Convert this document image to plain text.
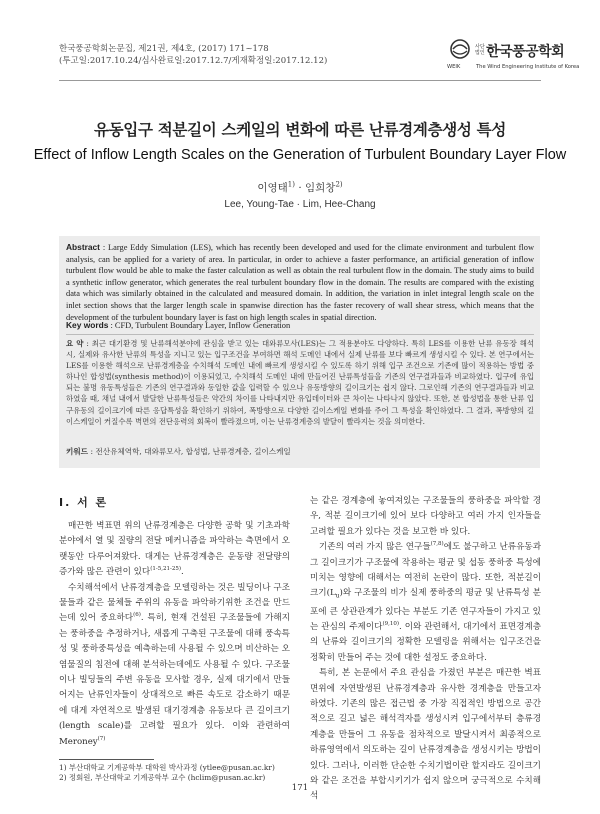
한국풍공학회논문집, 제21권, 제4호, (2017) 171~178
(투고일:2017.10.24/심사완료일:2017.12.7/게재확정일:2017.12.12)
WEIK
사단 법인 한국풍공학회
The Wind Engineering Institute of Korea
유동입구 적분길이 스케일의 변화에 따른 난류경계층생성 특성
Effect of Inflow Length Scales on the Generation of Turbulent Boundary Layer Flow
이영태$^{1)}$ · 임희창$^{2)}$
Lee, Young-Tae · Lim, Hee-Chang
Abstract : Large Eddy Simulation (LES), which has recently been developed and used for the climate environment and turbulent flow analysis, can be applied for a variety of area. In particular, in order to achieve a faster performance, an artificial generation of inflow turbulent flow would be able to make the faster calculation as well as obtain the real turbulent flow in the domain. The study aims to build a synthetic inflow generator, which generates the real turbulent boundary flow in the domain. The results are compared with the existing data which was similarly obtained in the calculated and measured domain. In addition, the variation in inlet integral length scale on the inlet section shows that the larger length scale in spanwise direction has the faster recovery of wall shear stress, which means that the development of the turbulent boundary layer is fast on high length scales in spatial direction.
Key words : CFD, Turbulent Boundary Layer, Inflow Generation
요 약 : 최근 대기환경 및 난류해석분야에 관심을 받고 있는 대와류모사(LES)는 그 적용분야도 다양하다. 특히 LES를 이용한 난류 유동장 해석 시, 실제와 유사한 난류의 특성을 지니고 있는 입구조건을 부여하면 해석 도메인 내에서 실제 난류를 보다 빠르게 생성시킬 수 있다. 본 연구에서는 LES를 이용한 해석으로 난류경계층을 수치해석 도메인 내에 빠르게 생성시킬 수 있도록 하기 위해 입구 조건으로 기존에 많이 적용하는 방법 중 하나인 합성법(synthesis method)이 이용되었고, 수치해석 도메인 내에 만들어진 난류특성들을 기존의 연구결과들과 비교하였다. 입구에 유입되는 불명 유동특성들은 기존의 연구결과와 동일한 값을 입력할 수 있으나 유동방향의 길이크기는 쉽지 않다. 그로인해 기존의 연구결과들과 비교하였을 때, 채널 내에서 발달한 난류특성들은 약간의 차이를 나타내지만 유입데이터와 큰 차이는 나타나지 않았다. 또한, 본 합성법을 통한 난류 입구유동의 길이크기에 따른 응답특성을 확인하기 위하여, 폭방향으로 다양한 길이스케일 변화를 주어 그 특성을 확인하였다. 그 결과, 폭방향의 길이스케일이 커질수록 벽면의 전단응력의 회복이 빨라졌으며, 이는 난류경계층의 발달이 빨라지는 것을 의미한다.
키워드 : 전산유체역학, 대와류모사, 합성법, 난류경계층, 길이스케일
I. 서 론

매끈한 벽표면 위의 난류경계층은 다양한 공학 및 기초과학 분야에서 열 및 질량의 전달 메커니즘을 파악하는 측면에서 오랫동안 다루어져왔다. 대게는 난류경계층은 운동량 전달량의 증가와 많은 관련이 있다$^{(1-5,21-25)}$.

수치해석에서 난류경계층을 모델링하는 것은 빌딩이나 구조물들과 같은 물체들 주위의 유동을 파악하기위한 조건을 만드는데 있어 중요하다$^{(6)}$. 특히, 현재 건설된 구조물들에 가해지는 풍하중을 추정하거나, 새롭게 구축된 구조물에 대해 풍속특성 및 풍하중특성을 예측하는데 사용될 수 있으며 비산하는 오염물질의 침전에 대해 분석하는데에도 사용될 수 있다. 구조물이나 빌딩들의 주변 유동을 모사할 경우, 실제 대기에서 만들어지는 난류인자들이 상대적으로 빠른 속도로 감소하기 때문에 대게 자연적으로 발생된 대기경계층 유동보다 큰 길이크기(length scale)를 고려할 필요가 있다. 이와 관련하여 Meroney$^{(7)}$

는 같은 경계층에 놓여져있는 구조물들의 풍하중을 파악할 경우, 적분 길이크기에 있어 보다 다양하고 여러 가지 인자들을 고려할 필요가 있다는 것을 보고한 바 있다.

기존의 여러 가지 많은 연구들$^{(7,8)}$에도 불구하고 난류유동과 그 길이크기가 구조물에 작용하는 평균 및 섭동 풍하중 특성에 미치는 영향에 대해서는 여전히 논란이 많다. 또한, 적분길이크기$(L_u)$와 구조물의 비가 실제 풍하중의 평균 및 난류특성 분포에 큰 상관관계가 있다는 부분도 기존 연구자들이 가지고 있는 관심의 주제이다$^{(9,10)}$. 이와 관련해서, 대기에서 표면경계층의 난류와 길이크기의 정확한 모델링을 위해서는 입구조건을 정확히 만들어 주는 것에 대한 설정도 중요하다.

특히, 본 논문에서 주요 관심을 가졌던 부분은 매끈한 벽표면위에 자연발생된 난류경계층과 유사한 경계층을 만들고자 하였다. 기존의 많은 접근법 중 가장 직접적인 방법으로 공간적으로 길고 넓은 해석격자를 생성시켜 입구에서부터 층류경계층을 만들어 그 유동을 점차적으로 발달시켜서 최종적으로 하류영역에서 의도하는 길이 난류경계층을 생성시키는 방법이 있다. 그러나, 이러한 단순한 수치기법이란 할지라도 길이크기와 같은 조건을 부합시키기가 쉽지 않으며 궁극적으로 수치해석

1) 부산대학교 기계공학부 대학원 박사과정 (ytlee@pusan.ac.kr)
2) 정회원, 부산대학교 기계공학부 교수 (hclim@pusan.ac.kr)
171
